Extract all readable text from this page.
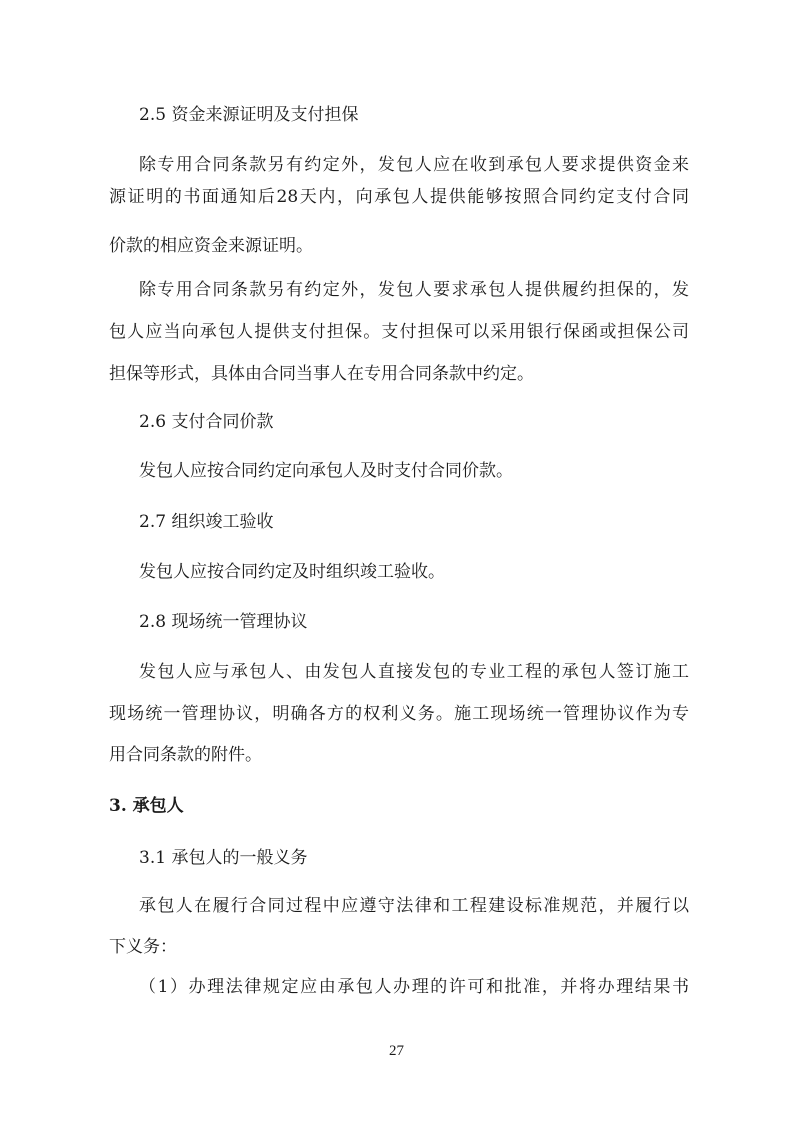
2.5 资金来源证明及支付担保
除专用合同条款另有约定外，发包人应在收到承包人要求提供资金来
源证明的书面通知后28天内，向承包人提供能够按照合同约定支付合同
价款的相应资金来源证明。
除专用合同条款另有约定外，发包人要求承包人提供履约担保的，发
包人应当向承包人提供支付担保。支付担保可以采用银行保函或担保公司
担保等形式，具体由合同当事人在专用合同条款中约定。
2.6 支付合同价款
发包人应按合同约定向承包人及时支付合同价款。
2.7 组织竣工验收
发包人应按合同约定及时组织竣工验收。
2.8 现场统一管理协议
发包人应与承包人、由发包人直接发包的专业工程的承包人签订施工
现场统一管理协议，明确各方的权利义务。施工现场统一管理协议作为专
用合同条款的附件。
3. 承包人
3.1 承包人的一般义务
承包人在履行合同过程中应遵守法律和工程建设标准规范，并履行以
下义务：
（1）办理法律规定应由承包人办理的许可和批准，并将办理结果书
27
